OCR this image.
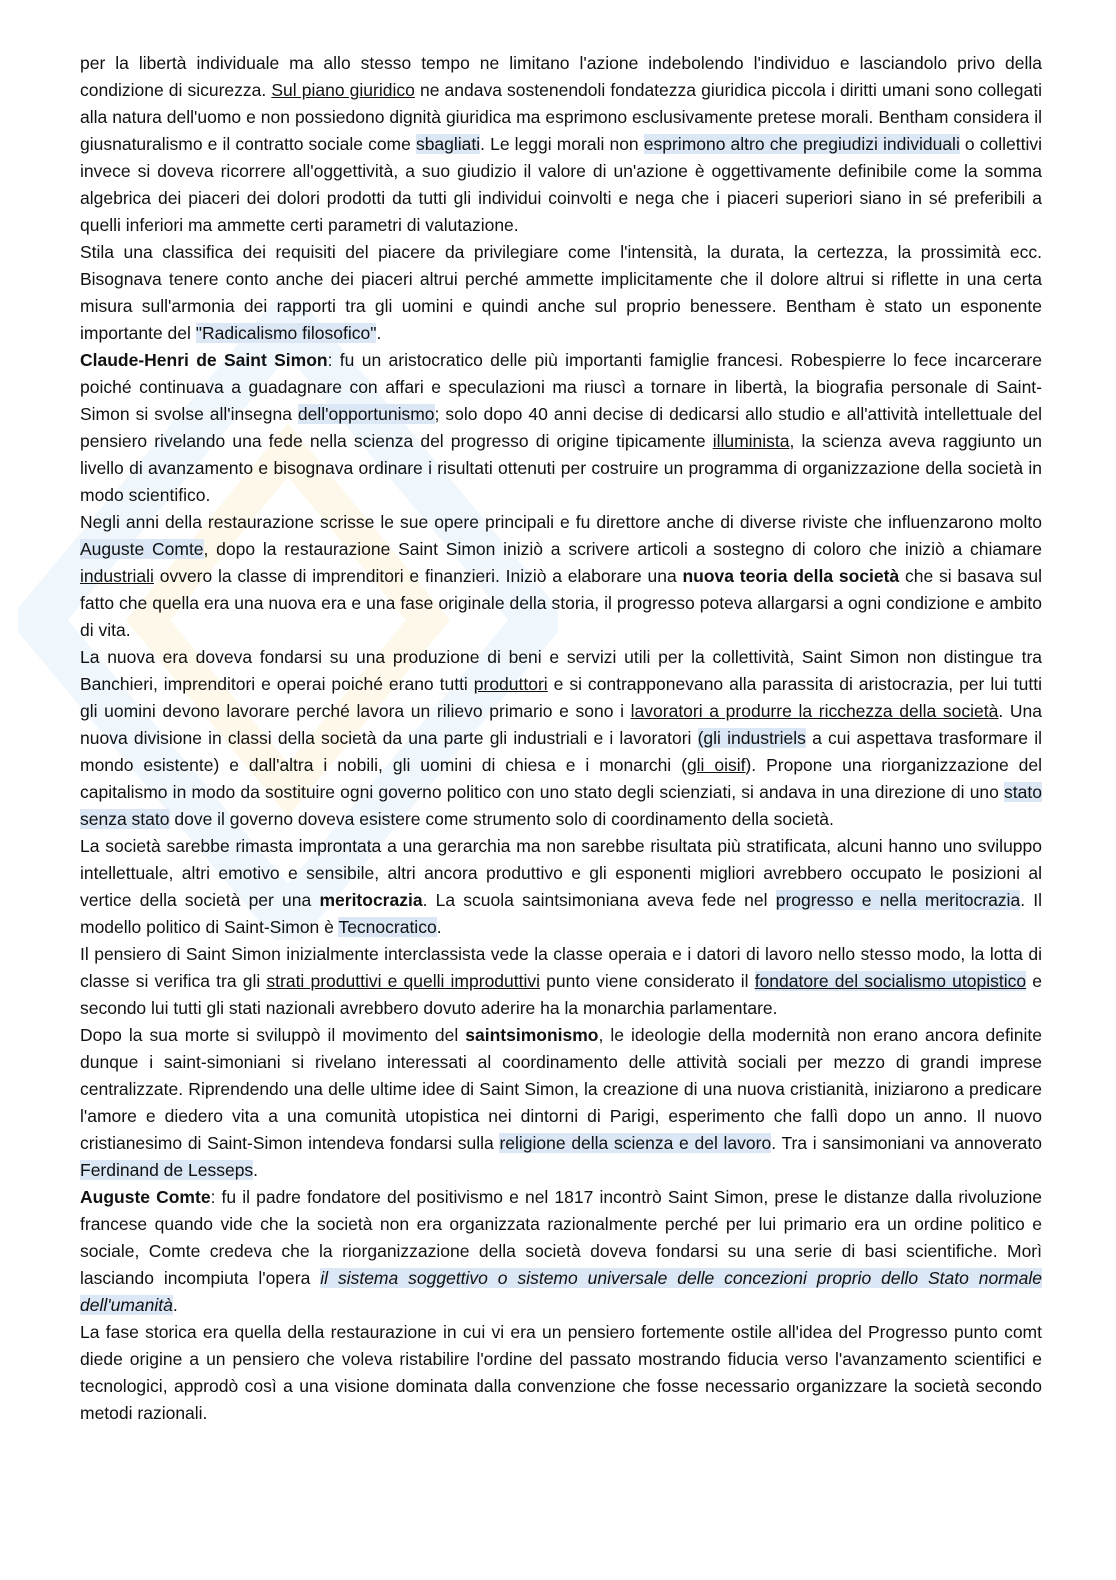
per la libertà individuale ma allo stesso tempo ne limitano l'azione indebolendo l'individuo e lasciandolo privo della condizione di sicurezza. Sul piano giuridico ne andava sostenendoli fondatezza giuridica piccola i diritti umani sono collegati alla natura dell'uomo e non possiedono dignità giuridica ma esprimono esclusivamente pretese morali. Bentham considera il giusnaturalismo e il contratto sociale come sbagliati. Le leggi morali non esprimono altro che pregiudizi individuali o collettivi invece si doveva ricorrere all'oggettività, a suo giudizio il valore di un'azione è oggettivamente definibile come la somma algebrica dei piaceri dei dolori prodotti da tutti gli individui coinvolti e nega che i piaceri superiori siano in sé preferibili a quelli inferiori ma ammette certi parametri di valutazione.

Stila una classifica dei requisiti del piacere da privilegiare come l'intensità, la durata, la certezza, la prossimità ecc. Bisognava tenere conto anche dei piaceri altrui perché ammette implicitamente che il dolore altrui si riflette in una certa misura sull'armonia dei rapporti tra gli uomini e quindi anche sul proprio benessere. Bentham è stato un esponente importante del "Radicalismo filosofico".

Claude-Henri de Saint Simon: fu un aristocratico delle più importanti famiglie francesi. Robespierre lo fece incarcerare poiché continuava a guadagnare con affari e speculazioni ma riuscì a tornare in libertà, la biografia personale di Saint-Simon si svolse all'insegna dell'opportunismo; solo dopo 40 anni decise di dedicarsi allo studio e all'attività intellettuale del pensiero rivelando una fede nella scienza del progresso di origine tipicamente illuminista, la scienza aveva raggiunto un livello di avanzamento e bisognava ordinare i risultati ottenuti per costruire un programma di organizzazione della società in modo scientifico.

Negli anni della restaurazione scrisse le sue opere principali e fu direttore anche di diverse riviste che influenzarono molto Auguste Comte, dopo la restaurazione Saint Simon iniziò a scrivere articoli a sostegno di coloro che iniziò a chiamare industriali ovvero la classe di imprenditori e finanzieri. Iniziò a elaborare una nuova teoria della società che si basava sul fatto che quella era una nuova era e una fase originale della storia, il progresso poteva allargarsi a ogni condizione e ambito di vita.

La nuova era doveva fondarsi su una produzione di beni e servizi utili per la collettività, Saint Simon non distingue tra Banchieri, imprenditori e operai poiché erano tutti produttori e si contrapponevano alla parassita di aristocrazia, per lui tutti gli uomini devono lavorare perché lavora un rilievo primario e sono i lavoratori a produrre la ricchezza della società. Una nuova divisione in classi della società da una parte gli industriali e i lavoratori (gli industriels a cui aspettava trasformare il mondo esistente) e dall'altra i nobili, gli uomini di chiesa e i monarchi (gli oisif). Propone una riorganizzazione del capitalismo in modo da sostituire ogni governo politico con uno stato degli scienziati, si andava in una direzione di uno stato senza stato dove il governo doveva esistere come strumento solo di coordinamento della società.

La società sarebbe rimasta improntata a una gerarchia ma non sarebbe risultata più stratificata, alcuni hanno uno sviluppo intellettuale, altri emotivo e sensibile, altri ancora produttivo e gli esponenti migliori avrebbero occupato le posizioni al vertice della società per una meritocrazia. La scuola saintsimoniana aveva fede nel progresso e nella meritocrazia. Il modello politico di Saint-Simon è Tecnocratico.

Il pensiero di Saint Simon inizialmente interclassista vede la classe operaia e i datori di lavoro nello stesso modo, la lotta di classe si verifica tra gli strati produttivi e quelli improduttivi punto viene considerato il fondatore del socialismo utopistico e secondo lui tutti gli stati nazionali avrebbero dovuto aderire ha la monarchia parlamentare.

Dopo la sua morte si sviluppò il movimento del saintsimonismo, le ideologie della modernità non erano ancora definite dunque i saint-simoniani si rivelano interessati al coordinamento delle attività sociali per mezzo di grandi imprese centralizzate. Riprendendo una delle ultime idee di Saint Simon, la creazione di una nuova cristianità, iniziarono a predicare l'amore e diedero vita a una comunità utopistica nei dintorni di Parigi, esperimento che fallì dopo un anno. Il nuovo cristianesimo di Saint-Simon intendeva fondarsi sulla religione della scienza e del lavoro. Tra i sansimoniani va annoverato Ferdinand de Lesseps.

Auguste Comte: fu il padre fondatore del positivismo e nel 1817 incontrò Saint Simon, prese le distanze dalla rivoluzione francese quando vide che la società non era organizzata razionalmente perché per lui primario era un ordine politico e sociale, Comte credeva che la riorganizzazione della società doveva fondarsi su una serie di basi scientifiche. Morì lasciando incompiuta l'opera il sistema soggettivo o sistemo universale delle concezioni proprio dello Stato normale dell'umanità.

La fase storica era quella della restaurazione in cui vi era un pensiero fortemente ostile all'idea del Progresso punto comt diede origine a un pensiero che voleva ristabilire l'ordine del passato mostrando fiducia verso l'avanzamento scientifici e tecnologici, approdò così a una visione dominata dalla convenzione che fosse necessario organizzare la società secondo metodi razionali.
